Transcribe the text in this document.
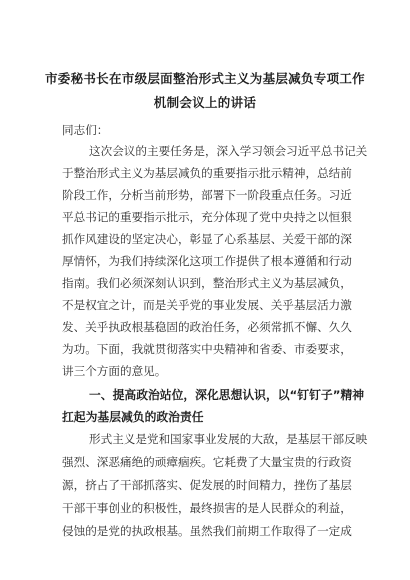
市委秘书长在市级层面整治形式主义为基层减负专项工作
机制会议上的讲话
同志们：
这次会议的主要任务是，深入学习领会习近平总书记关
于整治形式主义为基层减负的重要指示批示精神，总结前
阶段工作，分析当前形势，部署下一阶段重点任务。习近
平总书记的重要指示批示，充分体现了党中央持之以恒狠
抓作风建设的坚定决心，彰显了心系基层、关爱干部的深
厚情怀，为我们持续深化这项工作提供了根本遵循和行动
指南。我们必须深刻认识到，整治形式主义为基层减负，
不是权宜之计，而是关乎党的事业发展、关乎基层活力激
发、关乎执政根基稳固的政治任务，必须常抓不懈、久久
为功。下面，我就贯彻落实中央精神和省委、市委要求，
讲三个方面的意见。
一、提高政治站位，深化思想认识，以“钉钉子”精神
扛起为基层减负的政治责任
形式主义是党和国家事业发展的大敌，是基层干部反映
强烈、深恶痛绝的顽瘴痼疾。它耗费了大量宝贵的行政资
源，挤占了干部抓落实、促发展的时间精力，挫伤了基层
干部干事创业的积极性，最终损害的是人民群众的利益，
侵蚀的是党的执政根基。虽然我们前期工作取得了一定成
